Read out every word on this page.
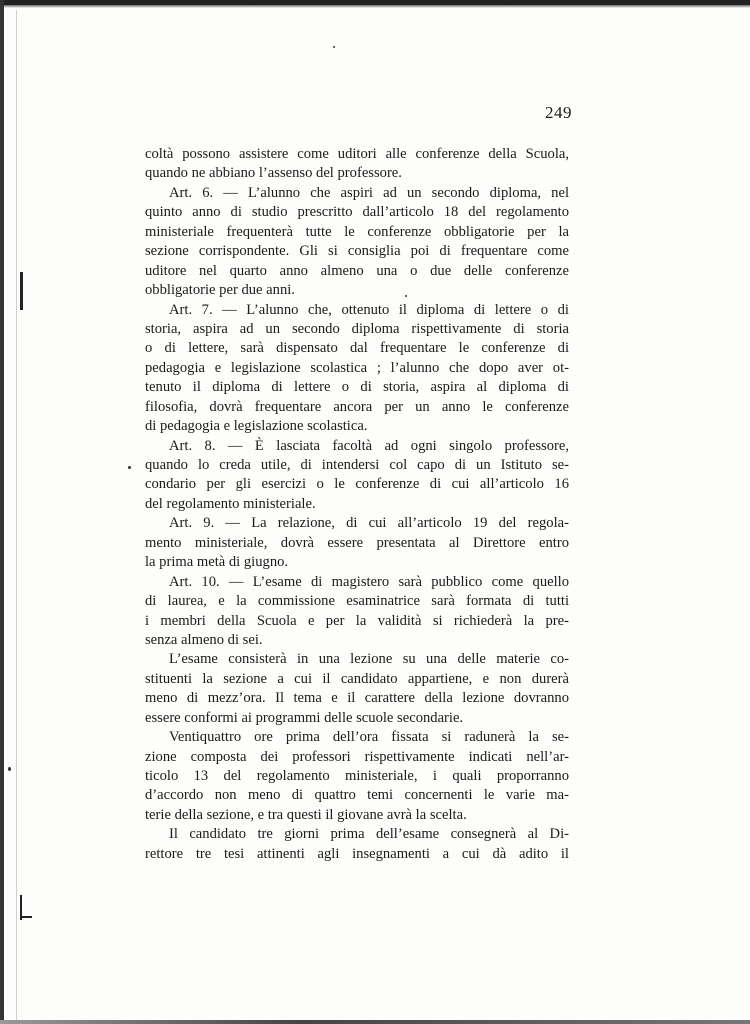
249
coltà possono assistere come uditori alle conferenze della Scuola,
quando ne abbiano l’assenso del professore.
Art. 6. — L’alunno che aspiri ad un secondo diploma, nel
quinto anno di studio prescritto dall’articolo 18 del regolamento
ministeriale frequenterà tutte le conferenze obbligatorie per la
sezione corrispondente. Gli si consiglia poi di frequentare come
uditore nel quarto anno almeno una o due delle conferenze
obbligatorie per due anni.
Art. 7. — L’alunno che, ottenuto il diploma di lettere o di
storia, aspira ad un secondo diploma rispettivamente di storia
o di lettere, sarà dispensato dal frequentare le conferenze di
pedagogia e legislazione scolastica ; l’alunno che dopo aver ot-
tenuto il diploma di lettere o di storia, aspira al diploma di
filosofia, dovrà frequentare ancora per un anno le conferenze
di pedagogia e legislazione scolastica.
Art. 8. — È lasciata facoltà ad ogni singolo professore,
quando lo creda utile, di intendersi col capo di un Istituto se-
condario per gli esercizi o le conferenze di cui all’articolo 16
del regolamento ministeriale.
Art. 9. — La relazione, di cui all’articolo 19 del regola-
mento ministeriale, dovrà essere presentata al Direttore entro
la prima metà di giugno.
Art. 10. — L’esame di magistero sarà pubblico come quello
di laurea, e la commissione esaminatrice sarà formata di tutti
i membri della Scuola e per la validità si richiederà la pre-
senza almeno di sei.
L’esame consisterà in una lezione su una delle materie co-
stituenti la sezione a cui il candidato appartiene, e non durerà
meno di mezz’ora. Il tema e il carattere della lezione dovranno
essere conformi ai programmi delle scuole secondarie.
Ventiquattro ore prima dell’ora fissata si radunerà la se-
zione composta dei professori rispettivamente indicati nell’ar-
ticolo 13 del regolamento ministeriale, i quali proporranno
d’accordo non meno di quattro temi concernenti le varie ma-
terie della sezione, e tra questi il giovane avrà la scelta.
Il candidato tre giorni prima dell’esame consegnerà al Di-
rettore tre tesi attinenti agli insegnamenti a cui dà adito il
